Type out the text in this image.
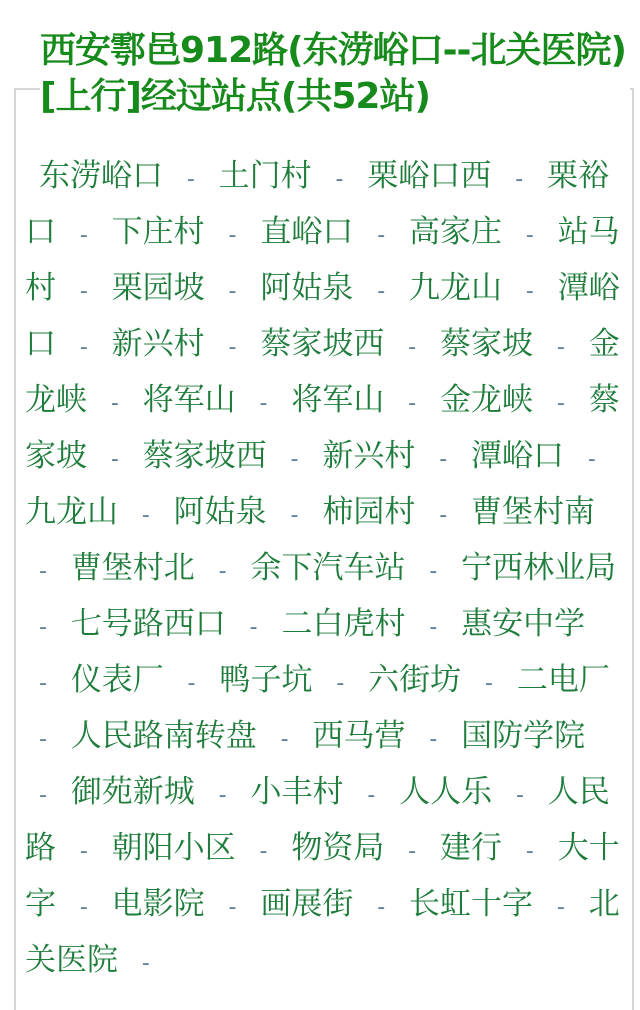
西安鄠邑912路(东涝峪口--北关医院)[上行]经过站点(共52站)
东涝峪口 - 土门村 - 栗峪口西 - 栗裕口 - 下庄村 - 直峪口 - 高家庄 - 站马村 - 栗园坡 - 阿姑泉 - 九龙山 - 潭峪口 - 新兴村 - 蔡家坡西 - 蔡家坡 - 金龙峡 - 将军山 - 将军山 - 金龙峡 - 蔡家坡 - 蔡家坡西 - 新兴村 - 潭峪口 - 九龙山 - 阿姑泉 - 柿园村 - 曹堡村南 - 曹堡村北 - 余下汽车站 - 宁西林业局 - 七号路西口 - 二白虎村 - 惠安中学 - 仪表厂 - 鸭子坑 - 六街坊 - 二电厂 - 人民路南转盘 - 西马营 - 国防学院 - 御苑新城 - 小丰村 - 人人乐 - 人民路 - 朝阳小区 - 物资局 - 建行 - 大十字 - 电影院 - 画展街 - 长虹十字 - 北关医院 -
